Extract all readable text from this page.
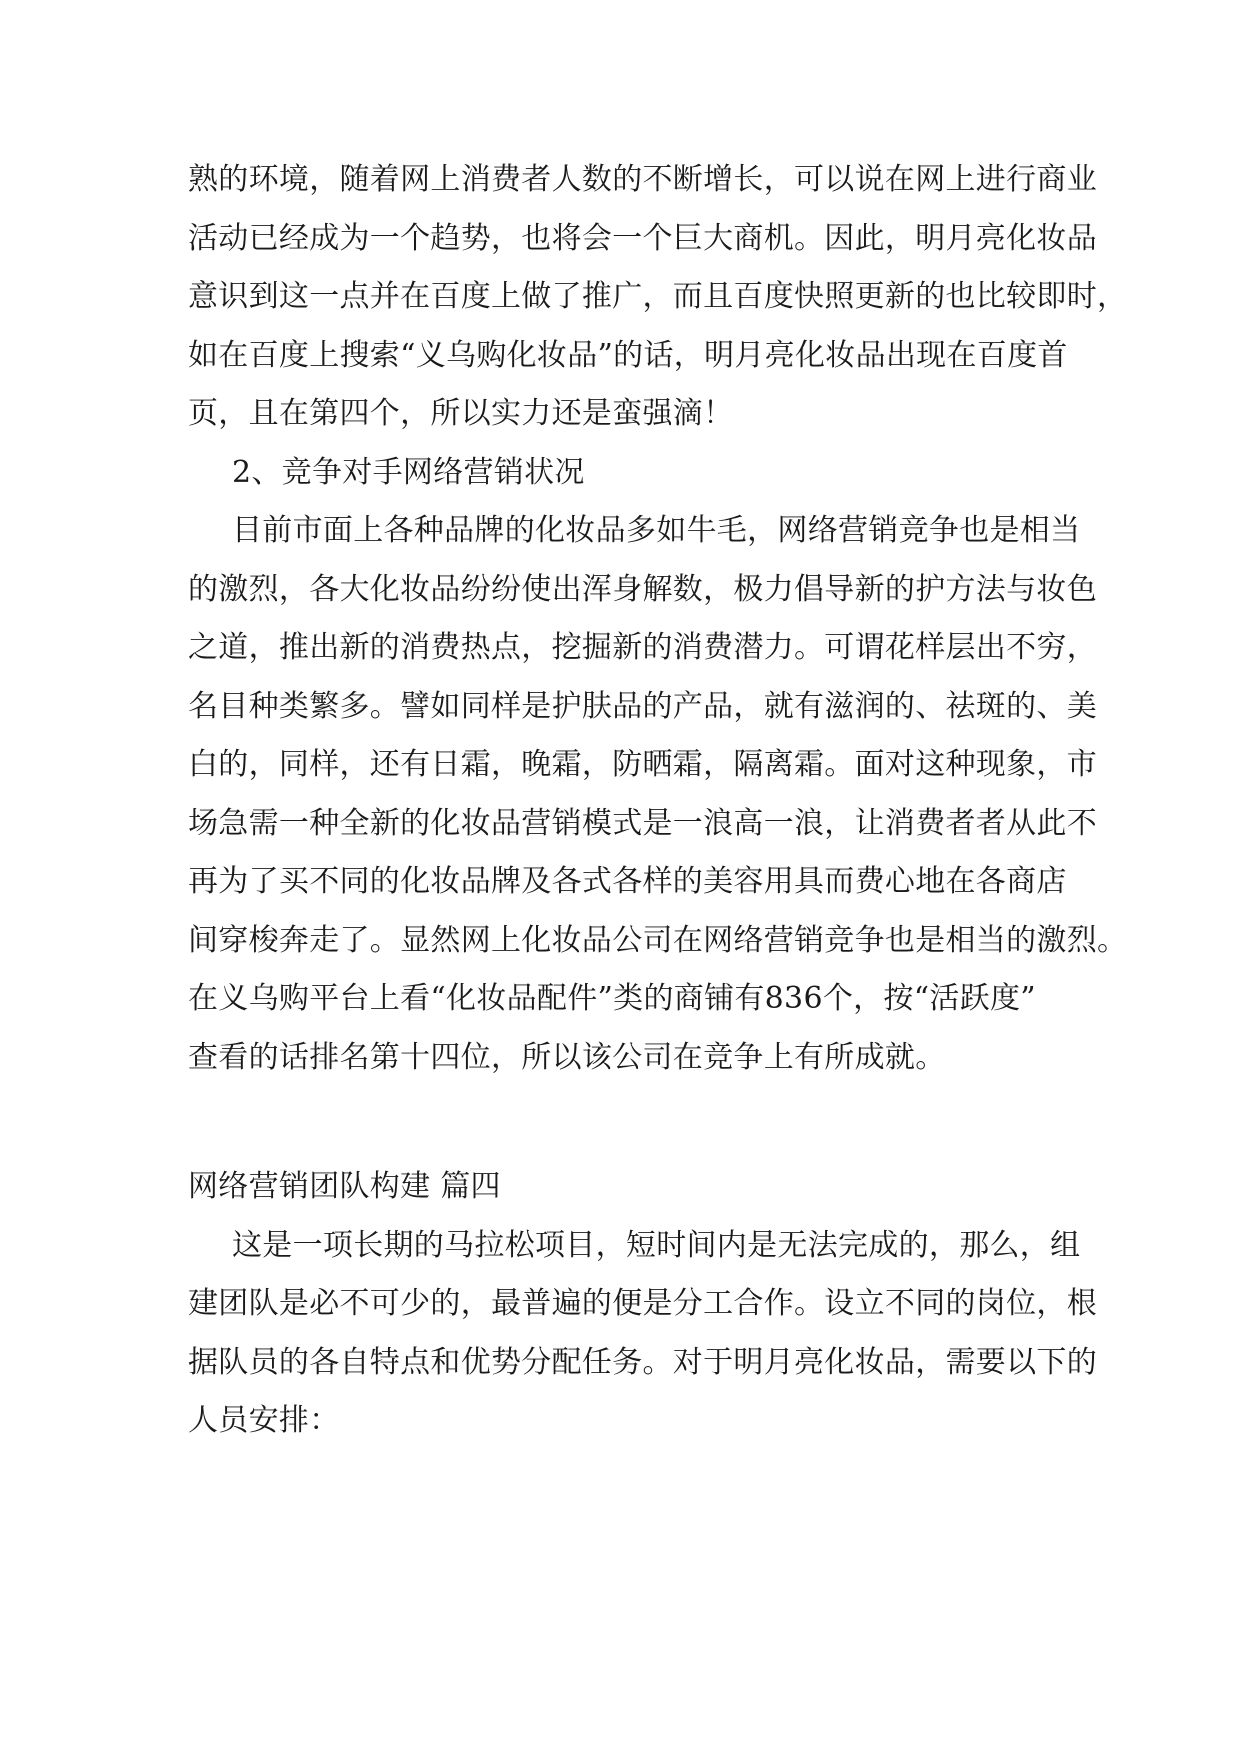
熟的环境，随着网上消费者人数的不断增长，可以说在网上进行商业
活动已经成为一个趋势，也将会一个巨大商机。因此，明月亮化妆品
意识到这一点并在百度上做了推广，而且百度快照更新的也比较即时，
如在百度上搜索“义乌购化妆品”的话，明月亮化妆品出现在百度首
页，且在第四个，所以实力还是蛮强滴！
2、竞争对手网络营销状况
目前市面上各种品牌的化妆品多如牛毛，网络营销竞争也是相当
的激烈，各大化妆品纷纷使出浑身解数，极力倡导新的护方法与妆色
之道，推出新的消费热点，挖掘新的消费潜力。可谓花样层出不穷，
名目种类繁多。譬如同样是护肤品的产品，就有滋润的、祛斑的、美
白的，同样，还有日霜，晚霜，防晒霜，隔离霜。面对这种现象，市
场急需一种全新的化妆品营销模式是一浪高一浪，让消费者者从此不
再为了买不同的化妆品牌及各式各样的美容用具而费心地在各商店
间穿梭奔走了。显然网上化妆品公司在网络营销竞争也是相当的激烈。
在义乌购平台上看“化妆品配件”类的商铺有836个，按“活跃度”
查看的话排名第十四位，所以该公司在竞争上有所成就。
网络营销团队构建 篇四
这是一项长期的马拉松项目，短时间内是无法完成的，那么，组
建团队是必不可少的，最普遍的便是分工合作。设立不同的岗位，根
据队员的各自特点和优势分配任务。对于明月亮化妆品，需要以下的
人员安排：
